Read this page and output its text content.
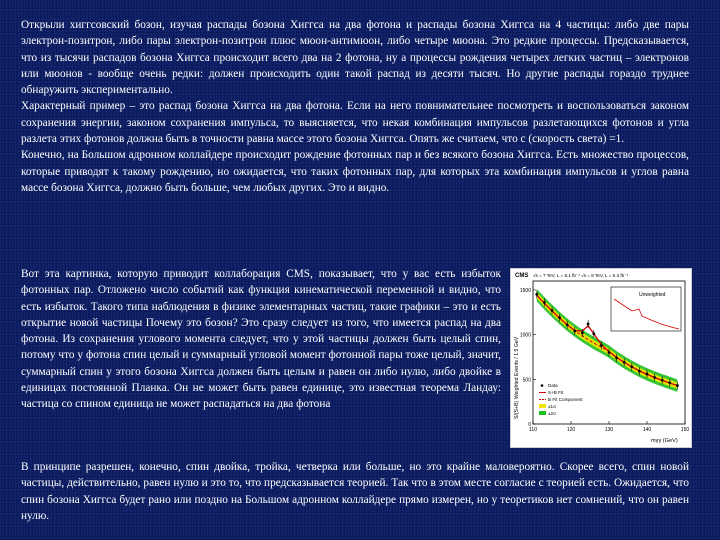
Открыли хиггсовский бозон, изучая распады бозона Хиггса на два фотона и распады бозона Хиггса на 4 частицы: либо две пары электрон-позитрон, либо пары электрон-позитрон плюс мюон-антимюон, либо четыре мюона. Это редкие процессы. Предсказывается, что из тысячи распадов бозона Хиггса происходит всего два на 2 фотона, ну а процессы рождения четырех легких частиц – электронов или мюонов - вообще очень редки: должен происходить один такой распад из десяти тысяч. Но другие распады гораздо труднее обнаружить экспериментально.
Характерный пример – это распад бозона Хиггса на два фотона. Если на него повнимательнее посмотреть и воспользоваться законом сохранения энергии, законом сохранения импульса, то выясняется, что некая комбинация импульсов разлетающихся фотонов и угла разлета этих фотонов должна быть в точности равна массе этого бозона Хиггса. Опять же считаем, что с (скорость света) =1.
Конечно, на Большом адронном коллайдере происходит рождение фотонных пар и без всякого бозона Хиггса. Есть множество процессов, которые приводят к такому рождению, но ожидается, что таких фотонных пар, для которых эта комбинация импульсов и углов равна массе бозона Хиггса, должно быть больше, чем любых других. Это и видно.

Вот эта картинка, которую приводит коллаборация CMS, показывает, что у вас есть избыток фотонных пар. Отложено число событий как функция кинематической переменной и видно, что есть избыток. Такого типа наблюдения в физике элементарных частиц, такие графики – это и есть открытие новой частицы Почему это бозон? Это сразу следует из того, что имеется распад на два фотона. Из сохранения углового момента следует, что у этой частицы должен быть целый спин, потому что у фотона спин целый и суммарный угловой момент фотонной пары тоже целый, значит, суммарный спин у этого бозона Хиггса должен быть целым и равен он либо нулю, либо двойке в единицах постоянной Планка. Он не может быть равен единице, это известная теорема Ландау: частица со спином единица не может распадаться на два фотона

CMS √s = 7 TeV, L = 5.1 fb⁻¹ √s = 8 TeV, L = 5.3 fb⁻¹
0
500
1000
1500
110	120	130	140	150
S/(S+B) Weighted Events / 1.5 GeV
mγγ (GeV)
Unweighted
Data
S+B Fit
B Fit Component
±1σ
±2σ

В принципе разрешен, конечно, спин двойка, тройка, четверка или больше, но это крайне маловероятно. Скорее всего, спин новой частицы, действительно, равен нулю и это то, что предсказывается теорией. Так что в этом месте согласие с теорией есть. Ожидается, что спин бозона Хиггса будет рано или поздно на Большом адронном коллайдере прямо измерен, но у теоретиков нет сомнений, что он равен нулю.
